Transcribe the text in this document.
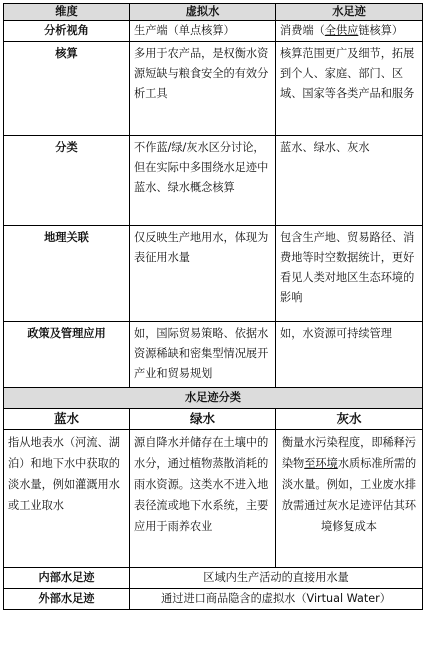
维度	虚拟水	水足迹
分析视角	生产端（单点核算）	消费端（全供应链核算）
核算	多用于农产品，是权衡水资源短缺与粮食安全的有效分析工具	核算范围更广及细节，拓展到个人、家庭、部门、区域、国家等各类产品和服务
分类	不作蓝/绿/灰水区分讨论，但在实际中多围绕水足迹中蓝水、绿水概念核算	蓝水、绿水、灰水
地理关联	仅反映生产地用水，体现为表征用水量	包含生产地、贸易路径、消费地等时空数据统计，更好看见人类对地区生态环境的影响
政策及管理应用	如，国际贸易策略、依据水资源稀缺和密集型情况展开产业和贸易规划	如，水资源可持续管理
水足迹分类		
蓝水	绿水	灰水
指从地表水（河流、湖泊）和地下水中获取的淡水量，例如灌溉用水或工业取水	源自降水并储存在土壤中的水分，通过植物蒸散消耗的雨水资源。这类水不进入地表径流或地下水系统，主要应用于雨养农业	衡量水污染程度，即稀释污染物至环境水质标准所需的淡水量。例如，工业废水排放需通过灰水足迹评估其环境修复成本
内部水足迹	区域内生产活动的直接用水量	
外部水足迹	通过进口商品隐含的虚拟水（Virtual Water）	
